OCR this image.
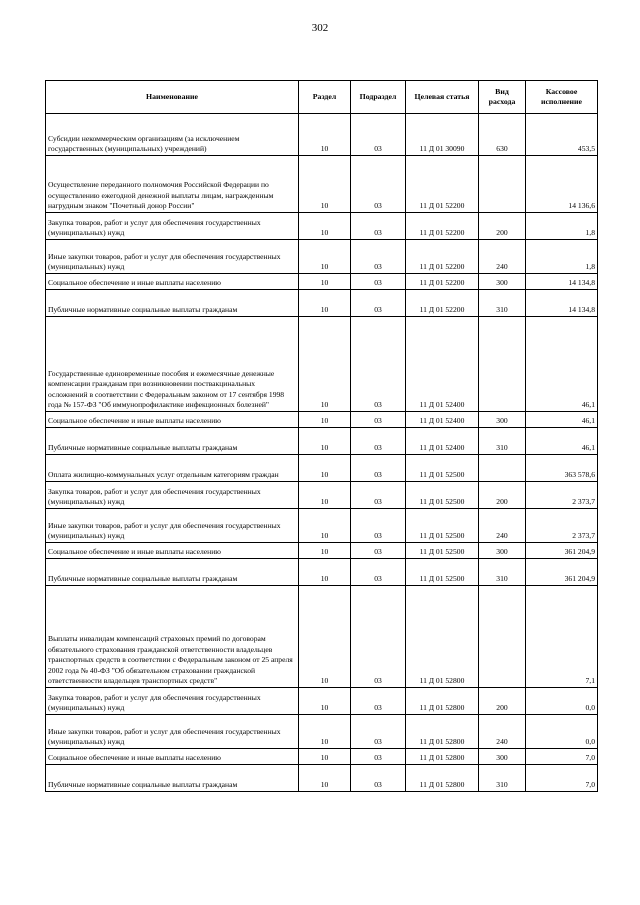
302
Наименование	Раздел	Подраздел	Целевая статья	Вид расхода	Кассовое исполнение
Субсидии некоммерческим организациям (за исключением государственных (муниципальных) учреждений)	10	03	11 Д 01 30090	630	453,5
Осуществление переданного полномочия Российской Федерации по осуществлению ежегодной денежной выплаты лицам, награжденным нагрудным знаком "Почетный донор России"	10	03	11 Д 01 52200		14 136,6
Закупка товаров, работ и услуг для обеспечения государственных (муниципальных) нужд	10	03	11 Д 01 52200	200	1,8
Иные закупки товаров, работ и услуг для обеспечения государственных (муниципальных) нужд	10	03	11 Д 01 52200	240	1,8
Социальное обеспечение и иные выплаты населению	10	03	11 Д 01 52200	300	14 134,8
Публичные нормативные социальные выплаты гражданам	10	03	11 Д 01 52200	310	14 134,8
Государственные единовременные пособия и ежемесячные денежные компенсации гражданам при возникновении поствакцинальных осложнений в соответствии с Федеральным законом от 17 сентября 1998 года № 157-ФЗ "Об иммунопрофилактике инфекционных болезней"	10	03	11 Д 01 52400		46,1
Социальное обеспечение и иные выплаты населению	10	03	11 Д 01 52400	300	46,1
Публичные нормативные социальные выплаты гражданам	10	03	11 Д 01 52400	310	46,1
Оплата жилищно-коммунальных услуг отдельным категориям граждан	10	03	11 Д 01 52500		363 578,6
Закупка товаров, работ и услуг для обеспечения государственных (муниципальных) нужд	10	03	11 Д 01 52500	200	2 373,7
Иные закупки товаров, работ и услуг для обеспечения государственных (муниципальных) нужд	10	03	11 Д 01 52500	240	2 373,7
Социальное обеспечение и иные выплаты населению	10	03	11 Д 01 52500	300	361 204,9
Публичные нормативные социальные выплаты гражданам	10	03	11 Д 01 52500	310	361 204,9
Выплаты инвалидам компенсаций страховых премий по договорам обязательного страхования гражданской ответственности владельцев транспортных средств в соответствии с Федеральным законом от 25 апреля 2002 года № 40-ФЗ "Об обязательном страховании гражданской ответственности владельцев транспортных средств"	10	03	11 Д 01 52800		7,1
Закупка товаров, работ и услуг для обеспечения государственных (муниципальных) нужд	10	03	11 Д 01 52800	200	0,0
Иные закупки товаров, работ и услуг для обеспечения государственных (муниципальных) нужд	10	03	11 Д 01 52800	240	0,0
Социальное обеспечение и иные выплаты населению	10	03	11 Д 01 52800	300	7,0
Публичные нормативные социальные выплаты гражданам	10	03	11 Д 01 52800	310	7,0
